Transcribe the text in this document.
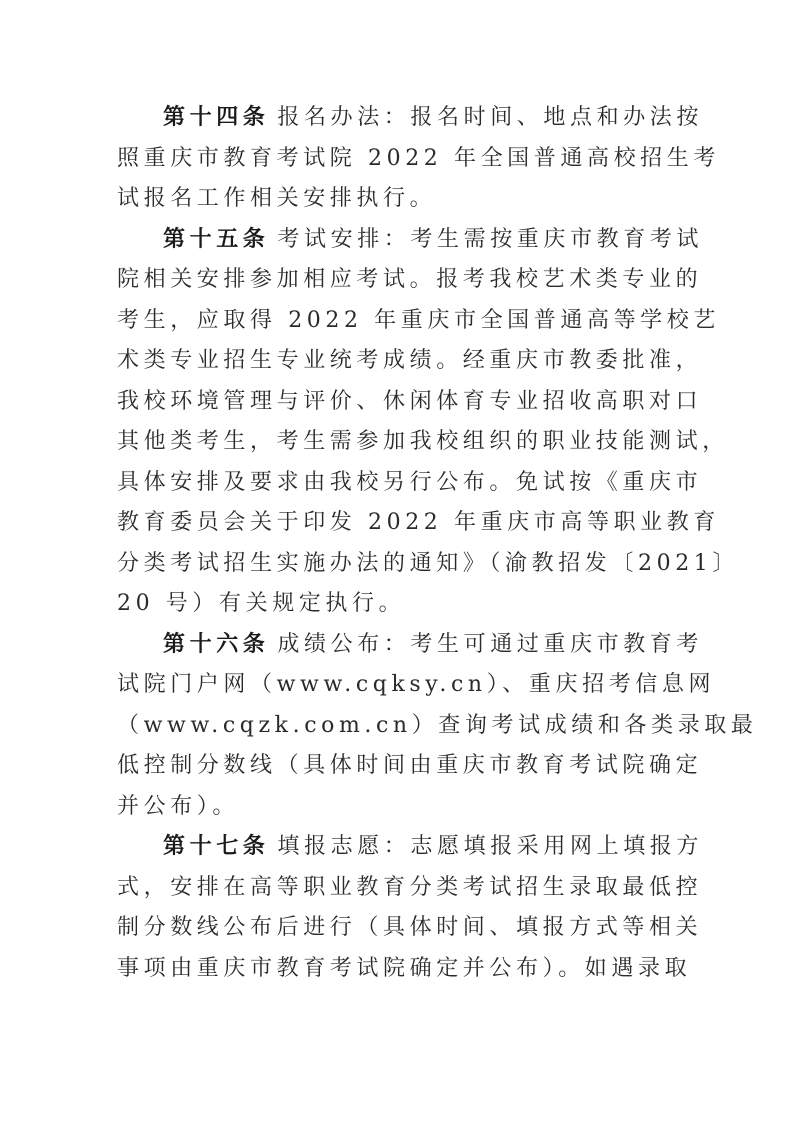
第十四条 报名办法：报名时间、地点和办法按
照重庆市教育考试院 2022 年全国普通高校招生考
试报名工作相关安排执行。
第十五条 考试安排：考生需按重庆市教育考试
院相关安排参加相应考试。报考我校艺术类专业的
考生，应取得 2022 年重庆市全国普通高等学校艺
术类专业招生专业统考成绩。经重庆市教委批准，
我校环境管理与评价、休闲体育专业招收高职对口
其他类考生，考生需参加我校组织的职业技能测试，
具体安排及要求由我校另行公布。免试按《重庆市
教育委员会关于印发 2022 年重庆市高等职业教育
分类考试招生实施办法的通知》（渝教招发〔2021〕
20 号）有关规定执行。
第十六条 成绩公布：考生可通过重庆市教育考
试院门户网（www.cqksy.cn）、重庆招考信息网
（www.cqzk.com.cn）查询考试成绩和各类录取最
低控制分数线（具体时间由重庆市教育考试院确定
并公布）。
第十七条 填报志愿：志愿填报采用网上填报方
式，安排在高等职业教育分类考试招生录取最低控
制分数线公布后进行（具体时间、填报方式等相关
事项由重庆市教育考试院确定并公布）。如遇录取
